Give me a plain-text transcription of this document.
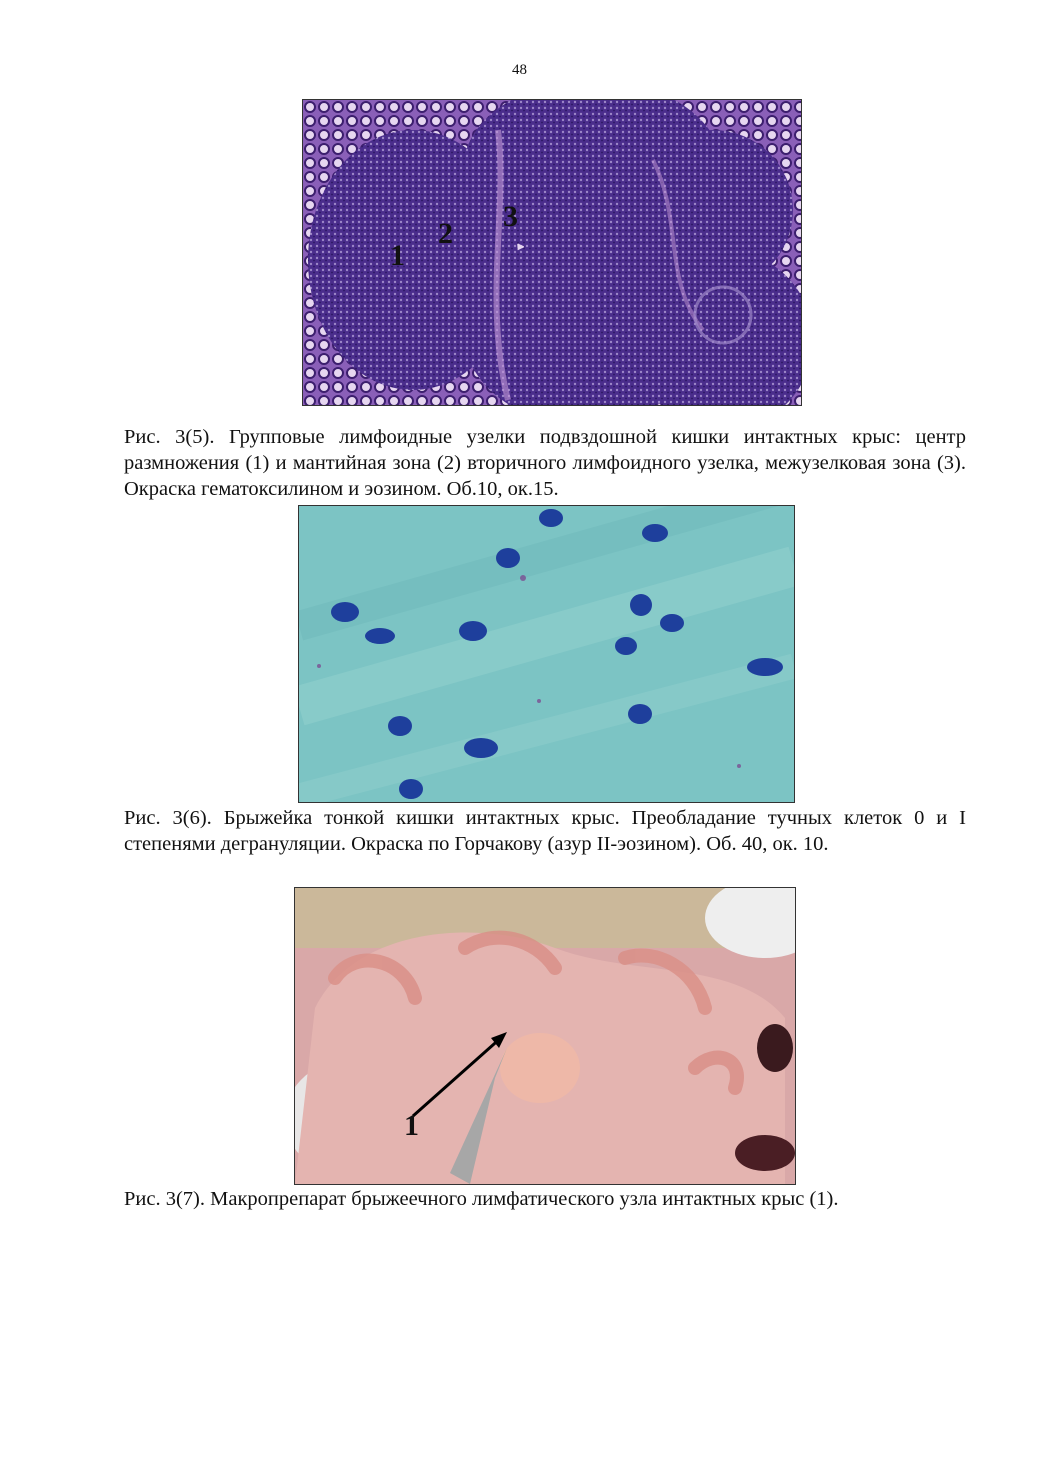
48
1
2
3
Рис. 3(5). Групповые лимфоидные узелки подвздошной кишки интактных крыс: центр размножения (1) и мантийная зона (2) вторичного лимфоидного узелка, межузелковая зона (3). Окраска гематоксилином и эозином. Об.10, ок.15.
Рис. 3(6). Брыжейка тонкой кишки интактных крыс. Преобладание тучных клеток 0 и I степенями дегрануляции. Окраска по Горчакову (азур II-эозином). Об. 40, ок. 10.
1
Рис. 3(7). Макропрепарат брыжеечного лимфатического узла интактных крыс (1).
